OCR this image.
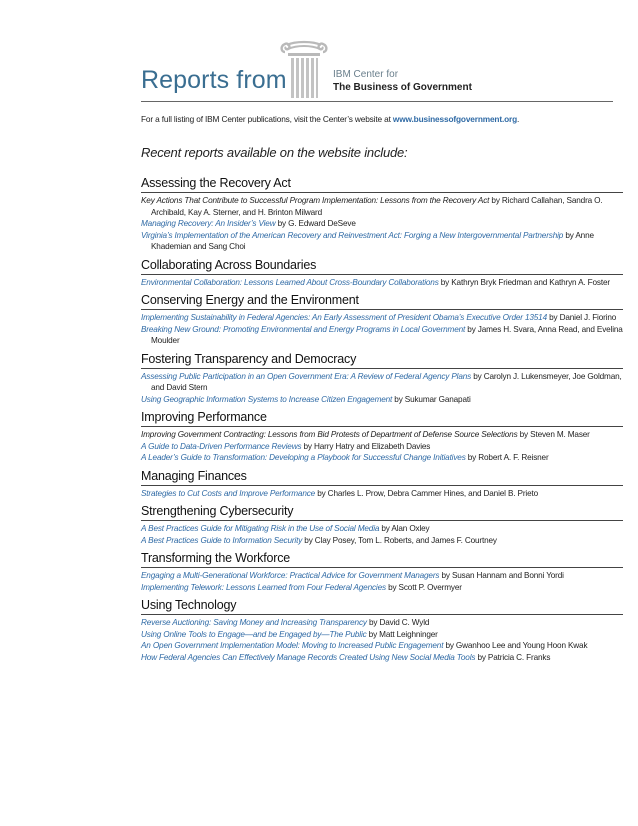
Reports from	IBM Center for
The Business of Government
For a full listing of IBM Center publications, visit the Center’s website at www.businessofgovernment.org.
Recent reports available on the website include:
Assessing the Recovery Act
Key Actions That Contribute to Successful Program Implementation: Lessons from the Recovery Act by Richard Callahan, Sandra O. Archibald, Kay A. Sterner, and H. Brinton Milward
Managing Recovery: An Insider’s View by G. Edward DeSeve
Virginia’s Implementation of the American Recovery and Reinvestment Act: Forging a New Intergovernmental Partnership by Anne Khademian and Sang Choi
Collaborating Across Boundaries
Environmental Collaboration: Lessons Learned About Cross-Boundary Collaborations by Kathryn Bryk Friedman and Kathryn A. Foster
Conserving Energy and the Environment
Implementing Sustainability in Federal Agencies: An Early Assessment of President Obama’s Executive Order 13514 by Daniel J. Fiorino
Breaking New Ground: Promoting Environmental and Energy Programs in Local Government by James H. Svara, Anna Read, and Evelina Moulder
Fostering Transparency and Democracy
Assessing Public Participation in an Open Government Era: A Review of Federal Agency Plans by Carolyn J. Lukensmeyer, Joe Goldman, and David Stern
Using Geographic Information Systems to Increase Citizen Engagement by Sukumar Ganapati
Improving Performance
Improving Government Contracting: Lessons from Bid Protests of Department of Defense Source Selections by Steven M. Maser
A Guide to Data-Driven Performance Reviews by Harry Hatry and Elizabeth Davies
A Leader’s Guide to Transformation: Developing a Playbook for Successful Change Initiatives by Robert A. F. Reisner
Managing Finances
Strategies to Cut Costs and Improve Performance by Charles L. Prow, Debra Cammer Hines, and Daniel B. Prieto
Strengthening Cybersecurity
A Best Practices Guide for Mitigating Risk in the Use of Social Media by Alan Oxley
A Best Practices Guide to Information Security by Clay Posey, Tom L. Roberts, and James F. Courtney
Transforming the Workforce
Engaging a Multi-Generational Workforce: Practical Advice for Government Managers by Susan Hannam and Bonni Yordi
Implementing Telework: Lessons Learned from Four Federal Agencies by Scott P. Overmyer
Using Technology
Reverse Auctioning: Saving Money and Increasing Transparency by David C. Wyld
Using Online Tools to Engage—and be Engaged by—The Public by Matt Leighninger
An Open Government Implementation Model: Moving to Increased Public Engagement by Gwanhoo Lee and Young Hoon Kwak
How Federal Agencies Can Effectively Manage Records Created Using New Social Media Tools by Patricia C. Franks
